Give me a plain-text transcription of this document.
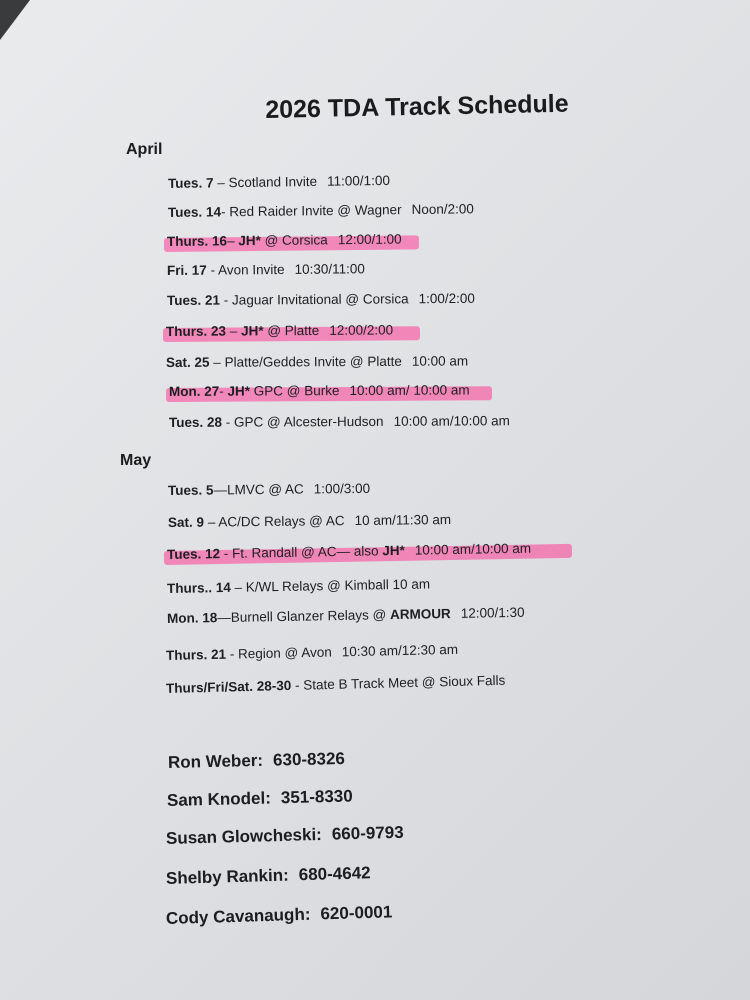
2026 TDA Track Schedule
April
Tues. 7 – Scotland Invite 11:00/1:00
Tues. 14- Red Raider Invite @ Wagner Noon/2:00
Thurs. 16– JH* @ Corsica 12:00/1:00
Fri. 17 - Avon Invite 10:30/11:00
Tues. 21 - Jaguar Invitational @ Corsica 1:00/2:00
Thurs. 23 – JH* @ Platte 12:00/2:00
Sat. 25 – Platte/Geddes Invite @ Platte 10:00 am
Mon. 27- JH* GPC @ Burke 10:00 am/ 10:00 am
Tues. 28 - GPC @ Alcester-Hudson 10:00 am/10:00 am
May
Tues. 5—LMVC @ AC 1:00/3:00
Sat. 9 – AC/DC Relays @ AC 10 am/11:30 am
Tues. 12 - Ft. Randall @ AC— also JH* 10:00 am/10:00 am
Thurs.. 14 – K/WL Relays @ Kimball 10 am
Mon. 18—Burnell Glanzer Relays @ ARMOUR 12:00/1:30
Thurs. 21 - Region @ Avon 10:30 am/12:30 am
Thurs/Fri/Sat. 28-30 - State B Track Meet @ Sioux Falls
Ron Weber: 630-8326
Sam Knodel: 351-8330
Susan Glowcheski: 660-9793
Shelby Rankin: 680-4642
Cody Cavanaugh: 620-0001
